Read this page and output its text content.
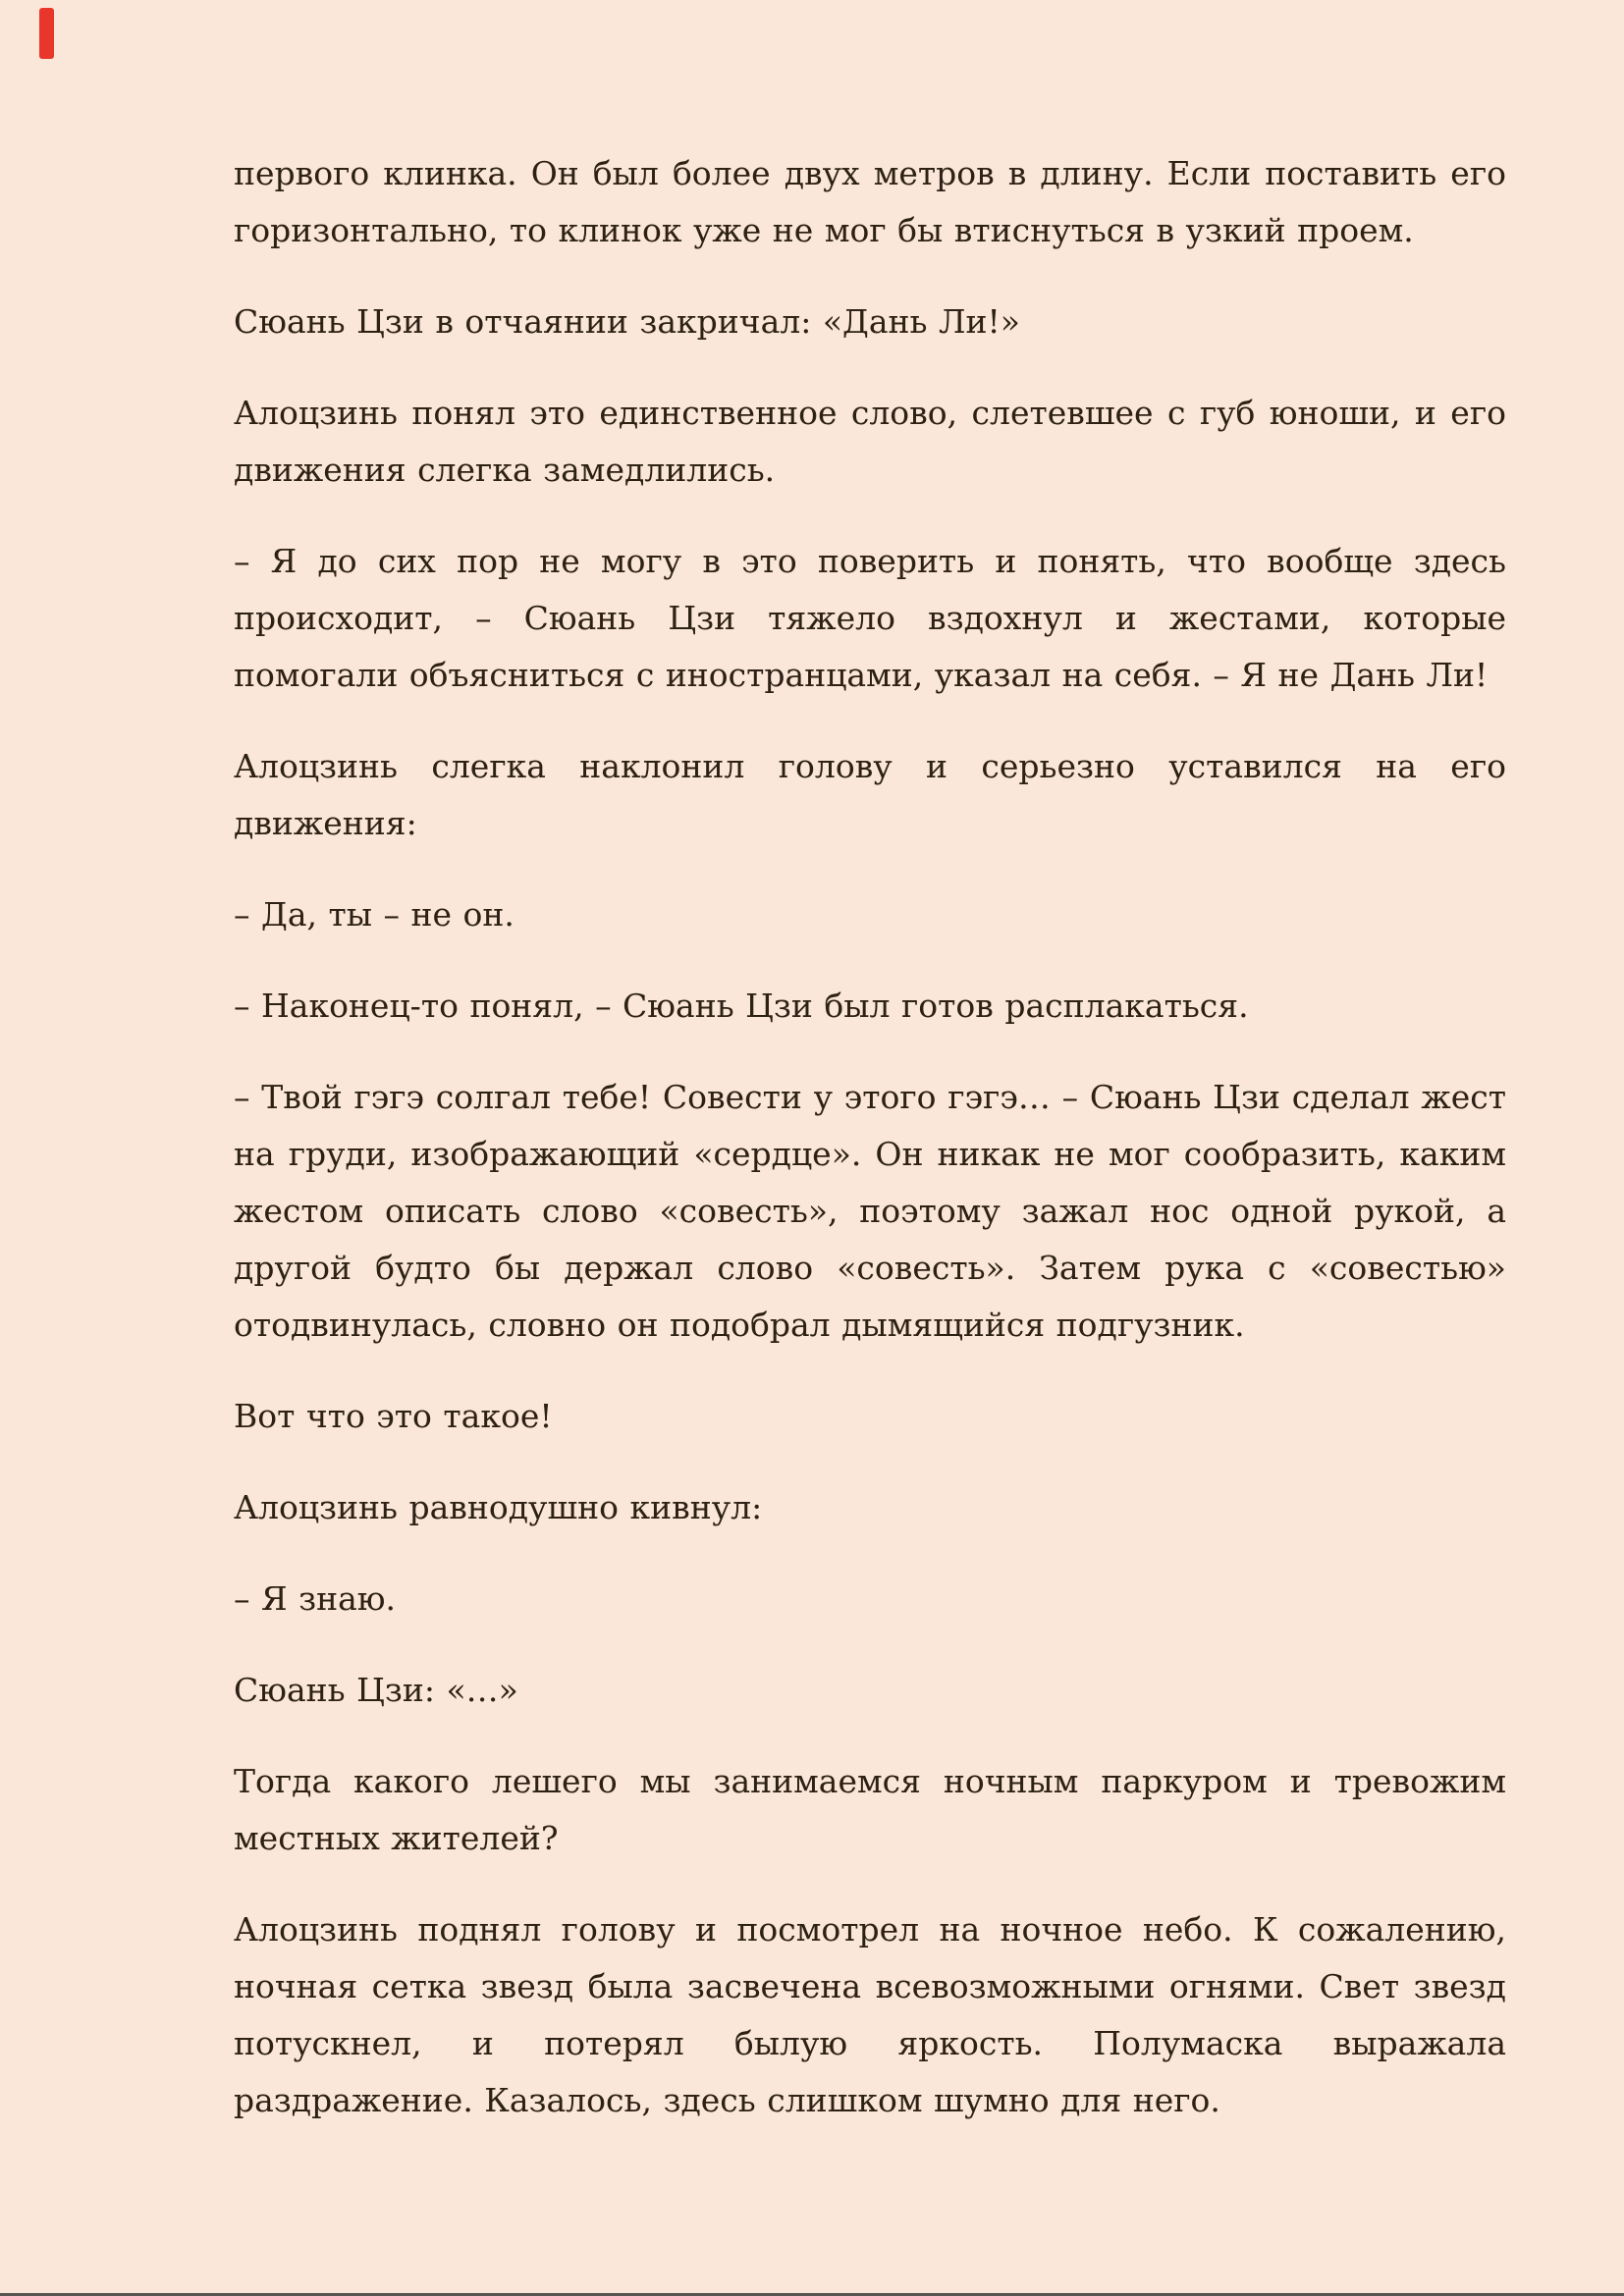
первого клинка. Он был более двух метров в длину. Если поставить его горизонтально, то клинок уже не мог бы втиснуться в узкий проем.

Сюань Цзи в отчаянии закричал: «Дань Ли!»

Алоцзинь понял это единственное слово, слетевшее с губ юноши, и его движения слегка замедлились.

– Я до сих пор не могу в это поверить и понять, что вообще здесь происходит, – Сюань Цзи тяжело вздохнул и жестами, которые помогали объясниться с иностранцами, указал на себя. – Я не Дань Ли!

Алоцзинь слегка наклонил голову и серьезно уставился на его движения:

– Да, ты – не он.

– Наконец-то понял, – Сюань Цзи был готов расплакаться.

– Твой гэгэ солгал тебе! Совести у этого гэгэ… – Сюань Цзи сделал жест на груди, изображающий «сердце». Он никак не мог сообразить, каким жестом описать слово «совесть», поэтому зажал нос одной рукой, а другой будто бы держал слово «совесть». Затем рука с «совестью» отодвинулась, словно он подобрал дымящийся подгузник.

Вот что это такое!

Алоцзинь равнодушно кивнул:

– Я знаю.

Сюань Цзи: «…»

Тогда какого лешего мы занимаемся ночным паркуром и тревожим местных жителей?

Алоцзинь поднял голову и посмотрел на ночное небо. К сожалению, ночная сетка звезд была засвечена всевозможными огнями. Свет звезд потускнел, и потерял былую яркость. Полумаска выражала раздражение. Казалось, здесь слишком шумно для него.
